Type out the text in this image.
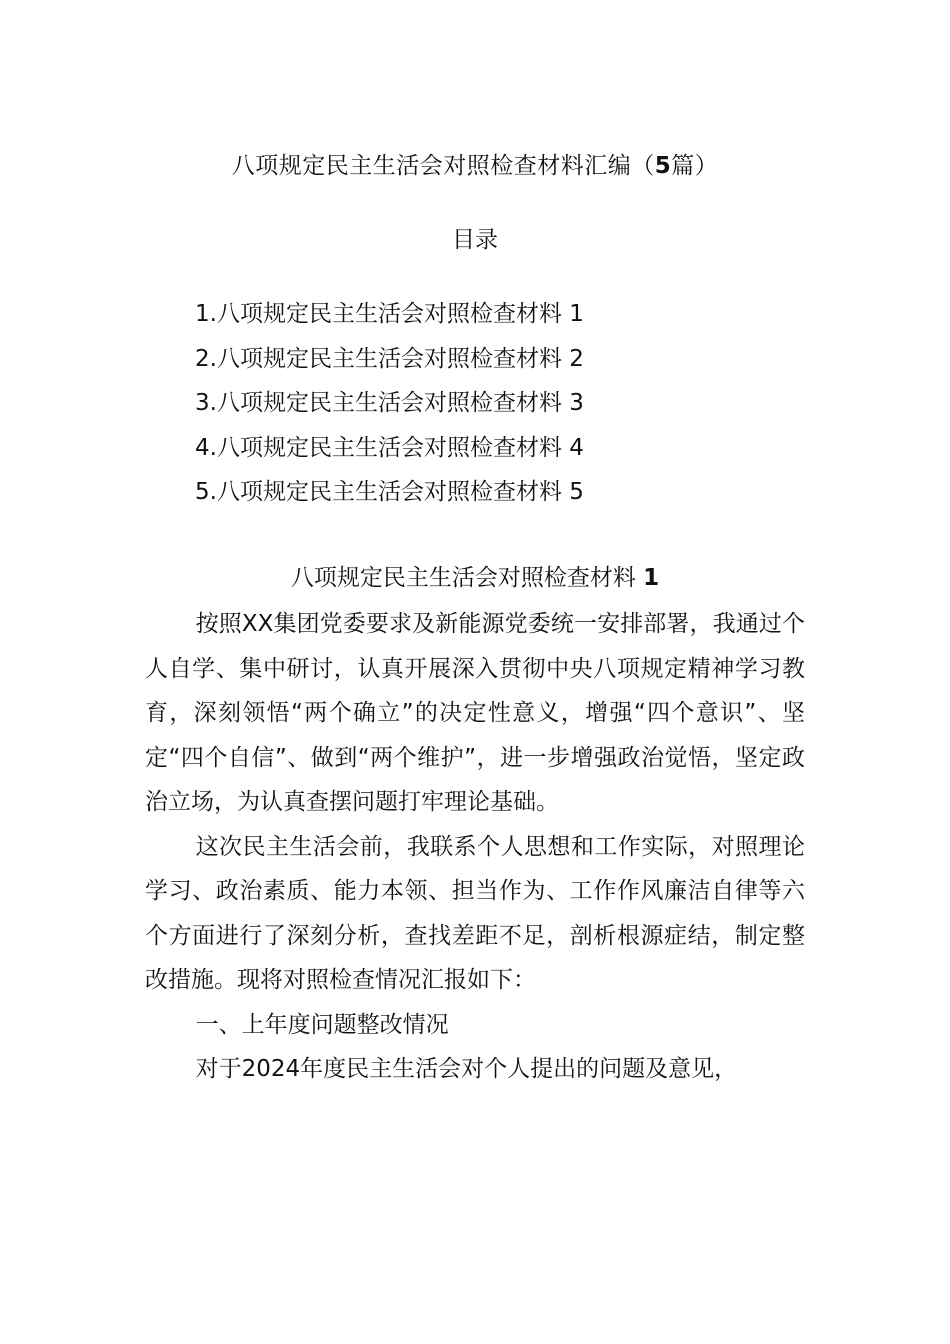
八项规定民主生活会对照检查材料汇编（5篇）
目录
1.八项规定民主生活会对照检查材料 1
2.八项规定民主生活会对照检查材料 2
3.八项规定民主生活会对照检查材料 3
4.八项规定民主生活会对照检查材料 4
5.八项规定民主生活会对照检查材料 5
八项规定民主生活会对照检查材料 1

按照XX集团党委要求及新能源党委统一安排部署，我通过个人自学、集中研讨，认真开展深入贯彻中央八项规定精神学习教育，深刻领悟“两个确立”的决定性意义，增强“四个意识”、坚定“四个自信”、做到“两个维护”，进一步增强政治觉悟，坚定政治立场，为认真查摆问题打牢理论基础。

这次民主生活会前，我联系个人思想和工作实际，对照理论学习、政治素质、能力本领、担当作为、工作作风廉洁自律等六个方面进行了深刻分析，查找差距不足，剖析根源症结，制定整改措施。现将对照检查情况汇报如下：

一、上年度问题整改情况

对于2024年度民主生活会对个人提出的问题及意见，
